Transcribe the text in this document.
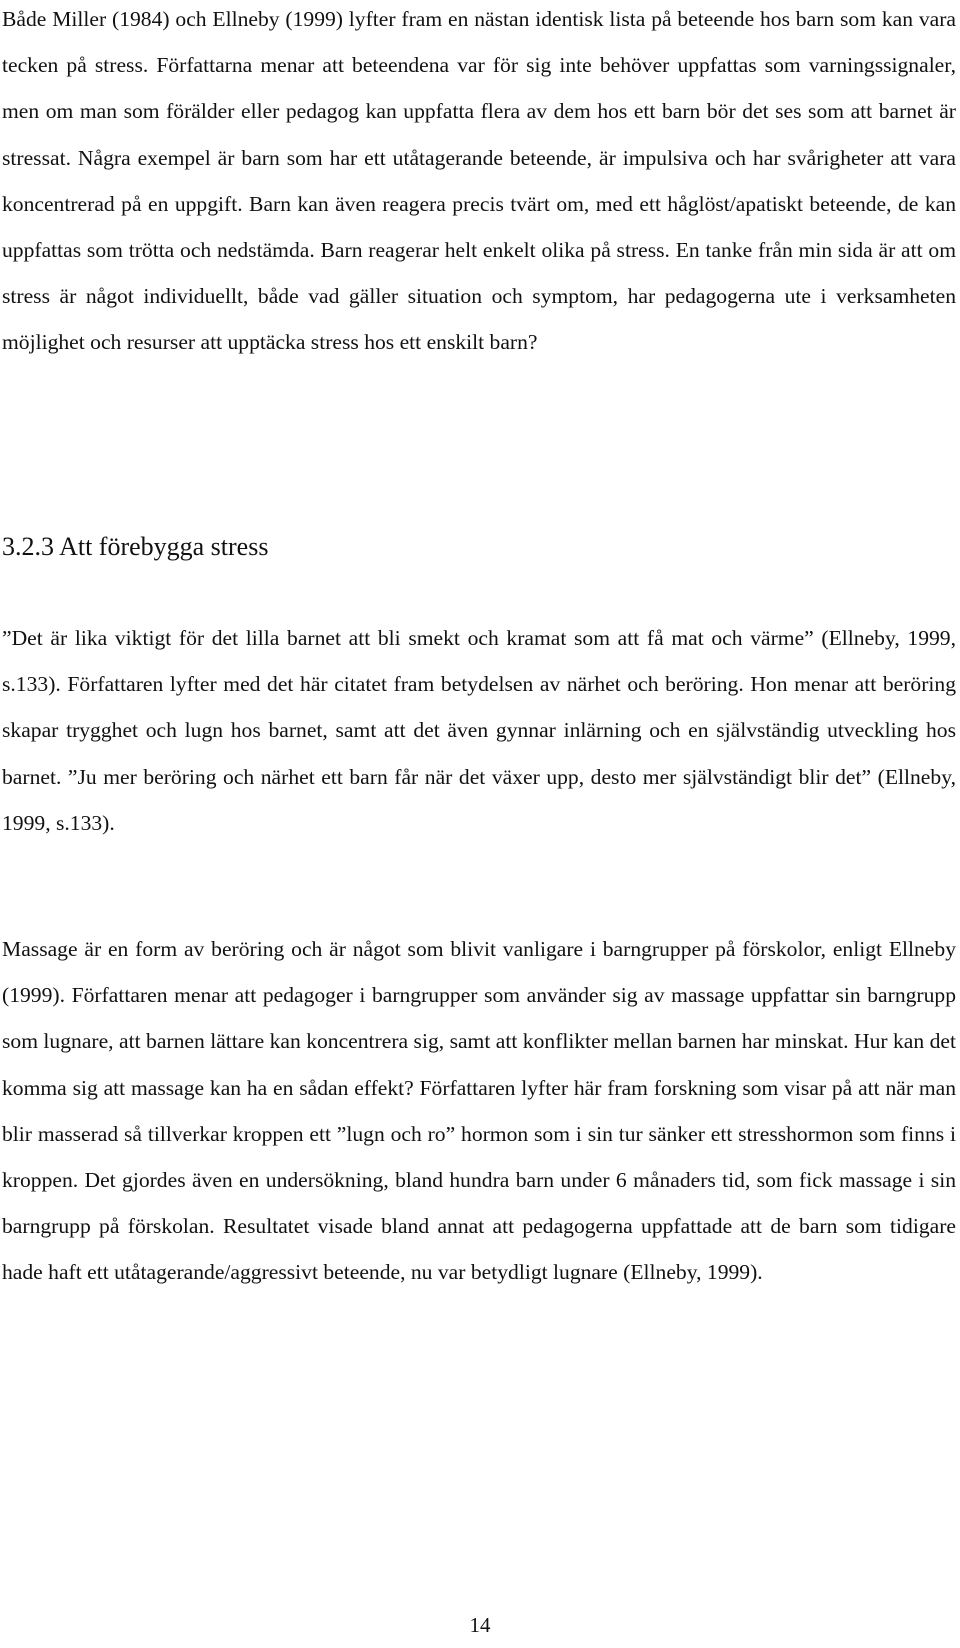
Både Miller (1984) och Ellneby (1999) lyfter fram en nästan identisk lista på beteende hos barn som kan vara tecken på stress. Författarna menar att beteendena var för sig inte behöver uppfattas som varningssignaler, men om man som förälder eller pedagog kan uppfatta flera av dem hos ett barn bör det ses som att barnet är stressat. Några exempel är barn som har ett utåtagerande beteende, är impulsiva och har svårigheter att vara koncentrerad på en uppgift. Barn kan även reagera precis tvärt om, med ett håglöst/apatiskt beteende, de kan uppfattas som trötta och nedstämda. Barn reagerar helt enkelt olika på stress. En tanke från min sida är att om stress är något individuellt, både vad gäller situation och symptom, har pedagogerna ute i verksamheten möjlighet och resurser att upptäcka stress hos ett enskilt barn?

3.2.3 Att förebygga stress

”Det är lika viktigt för det lilla barnet att bli smekt och kramat som att få mat och värme” (Ellneby, 1999, s.133). Författaren lyfter med det här citatet fram betydelsen av närhet och beröring. Hon menar att beröring skapar trygghet och lugn hos barnet, samt att det även gynnar inlärning och en självständig utveckling hos barnet. ”Ju mer beröring och närhet ett barn får när det växer upp, desto mer självständigt blir det” (Ellneby, 1999, s.133).

Massage är en form av beröring och är något som blivit vanligare i barngrupper på förskolor, enligt Ellneby (1999). Författaren menar att pedagoger i barngrupper som använder sig av massage uppfattar sin barngrupp som lugnare, att barnen lättare kan koncentrera sig, samt att konflikter mellan barnen har minskat. Hur kan det komma sig att massage kan ha en sådan effekt? Författaren lyfter här fram forskning som visar på att när man blir masserad så tillverkar kroppen ett ”lugn och ro” hormon som i sin tur sänker ett stresshormon som finns i kroppen. Det gjordes även en undersökning, bland hundra barn under 6 månaders tid, som fick massage i sin barngrupp på förskolan. Resultatet visade bland annat att pedagogerna uppfattade att de barn som tidigare hade haft ett utåtagerande/aggressivt beteende, nu var betydligt lugnare (Ellneby, 1999).

14
